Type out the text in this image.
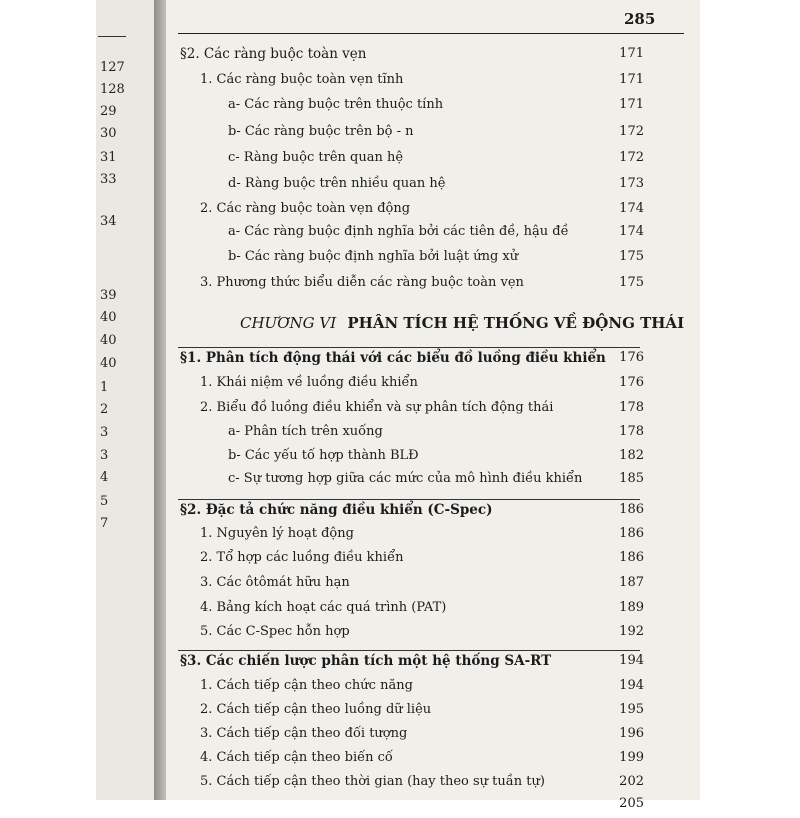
127
128
29
30
31
33
34
39
40
40
40
1
2
3
3
4
5
7
285
§2. Các ràng buộc toàn vẹn	171
1. Các ràng buộc toàn vẹn tĩnh	171
a- Các ràng buộc trên thuộc tính	171
b- Các ràng buộc trên bộ - n	172
c- Ràng buộc trên quan hệ	172
d- Ràng buộc trên nhiều quan hệ	173
2. Các ràng buộc toàn vẹn động	174
a- Các ràng buộc định nghĩa bởi các tiên đề, hậu đề	174
b- Các ràng buộc định nghĩa bởi luật ứng xử	175
3. Phương thức biểu diễn các ràng buộc toàn vẹn	175
§1. Phân tích động thái với các biểu đồ luồng điều khiển	176
1. Khái niệm về luồng điều khiển	176
2. Biểu đồ luồng điều khiển và sự phân tích động thái	178
a- Phân tích trên xuống	178
b- Các yếu tố hợp thành BLĐ	182
c- Sự tương hợp giữa các mức của mô hình điều khiển	185
§2. Đặc tả chức năng điều khiển (C-Spec)	186
1. Nguyên lý hoạt động	186
2. Tổ hợp các luồng điều khiển	186
3. Các ôtômát hữu hạn	187
4. Bảng kích hoạt các quá trình (PAT)	189
5. Các C-Spec hỗn hợp	192
§3. Các chiến lược phân tích một hệ thống SA-RT	194
1. Cách tiếp cận theo chức năng	194
2. Cách tiếp cận theo luồng dữ liệu	195
3. Cách tiếp cận theo đối tượng	196
4. Cách tiếp cận theo biến cố	199
5. Cách tiếp cận theo thời gian (hay theo sự tuần tự)	202
205
CHƯƠNG VI PHÂN TÍCH HỆ THỐNG VỀ ĐỘNG THÁI
